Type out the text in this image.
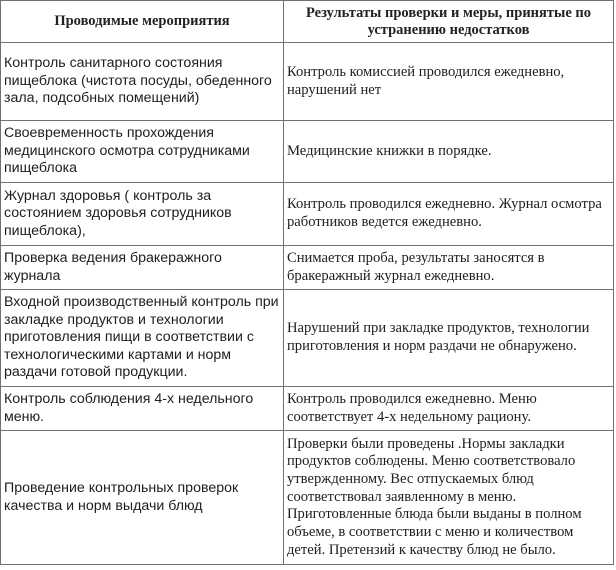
Проводимые мероприятия	Результаты проверки и меры, принятые по устранению недостатков
Контроль санитарного состояния пищеблока (чистота посуды, обеденного зала, подсобных помещений)	Контроль комиссией проводился ежедневно, нарушений нет
Своевременность прохождения медицинского осмотра сотрудниками пищеблока	Медицинские книжки в порядке.
Журнал здоровья ( контроль за состоянием здоровья сотрудников пищеблока),	Контроль проводился ежедневно. Журнал осмотра работников ведется ежедневно.
Проверка ведения бракеражного журнала	Снимается проба, результаты заносятся в бракеражный журнал ежедневно.
Входной производственный контроль при закладке продуктов и технологии приготовления пищи в соответствии с технологическими картами и норм раздачи готовой продукции.	Нарушений при закладке продуктов, технологии приготовления и норм раздачи не обнаружено.
Контроль соблюдения 4-х недельного меню.	Контроль проводился ежедневно. Меню соответствует 4-х недельному рациону.
Проведение контрольных проверок качества и норм выдачи блюд	Проверки были проведены .Нормы закладки продуктов соблюдены. Меню соответствовало утвержденному. Вес отпускаемых блюд соответствовал заявленному в меню. Приготовленные блюда были выданы в полном объеме, в соответствии с меню и количеством детей. Претензий к качеству блюд не было.
